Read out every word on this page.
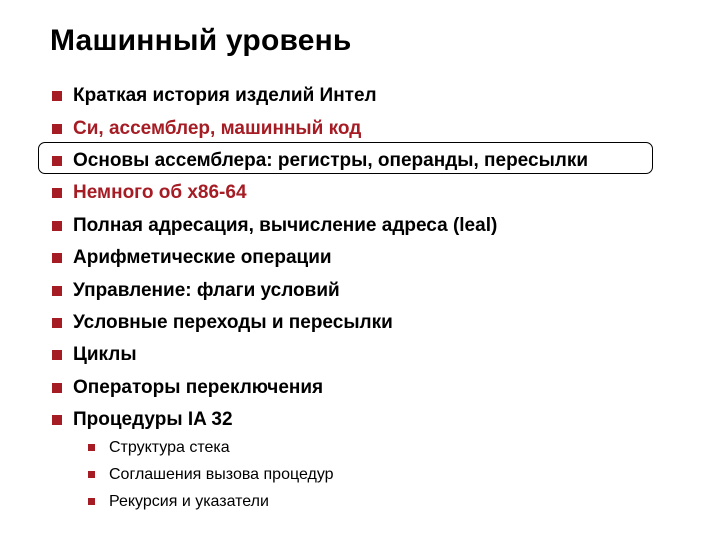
Машинный уровень
Краткая история изделий Интел
Си, ассемблер, машинный код
Основы ассемблера: регистры, операнды, пересылки
Немного об x86-64
Полная адресация, вычисление адреса (leal)
Арифметические операции
Управление: флаги условий
Условные переходы и пересылки
Циклы
Операторы переключения
Процедуры IA 32
Структура стека
Соглашения вызова процедур
Рекурсия и указатели
